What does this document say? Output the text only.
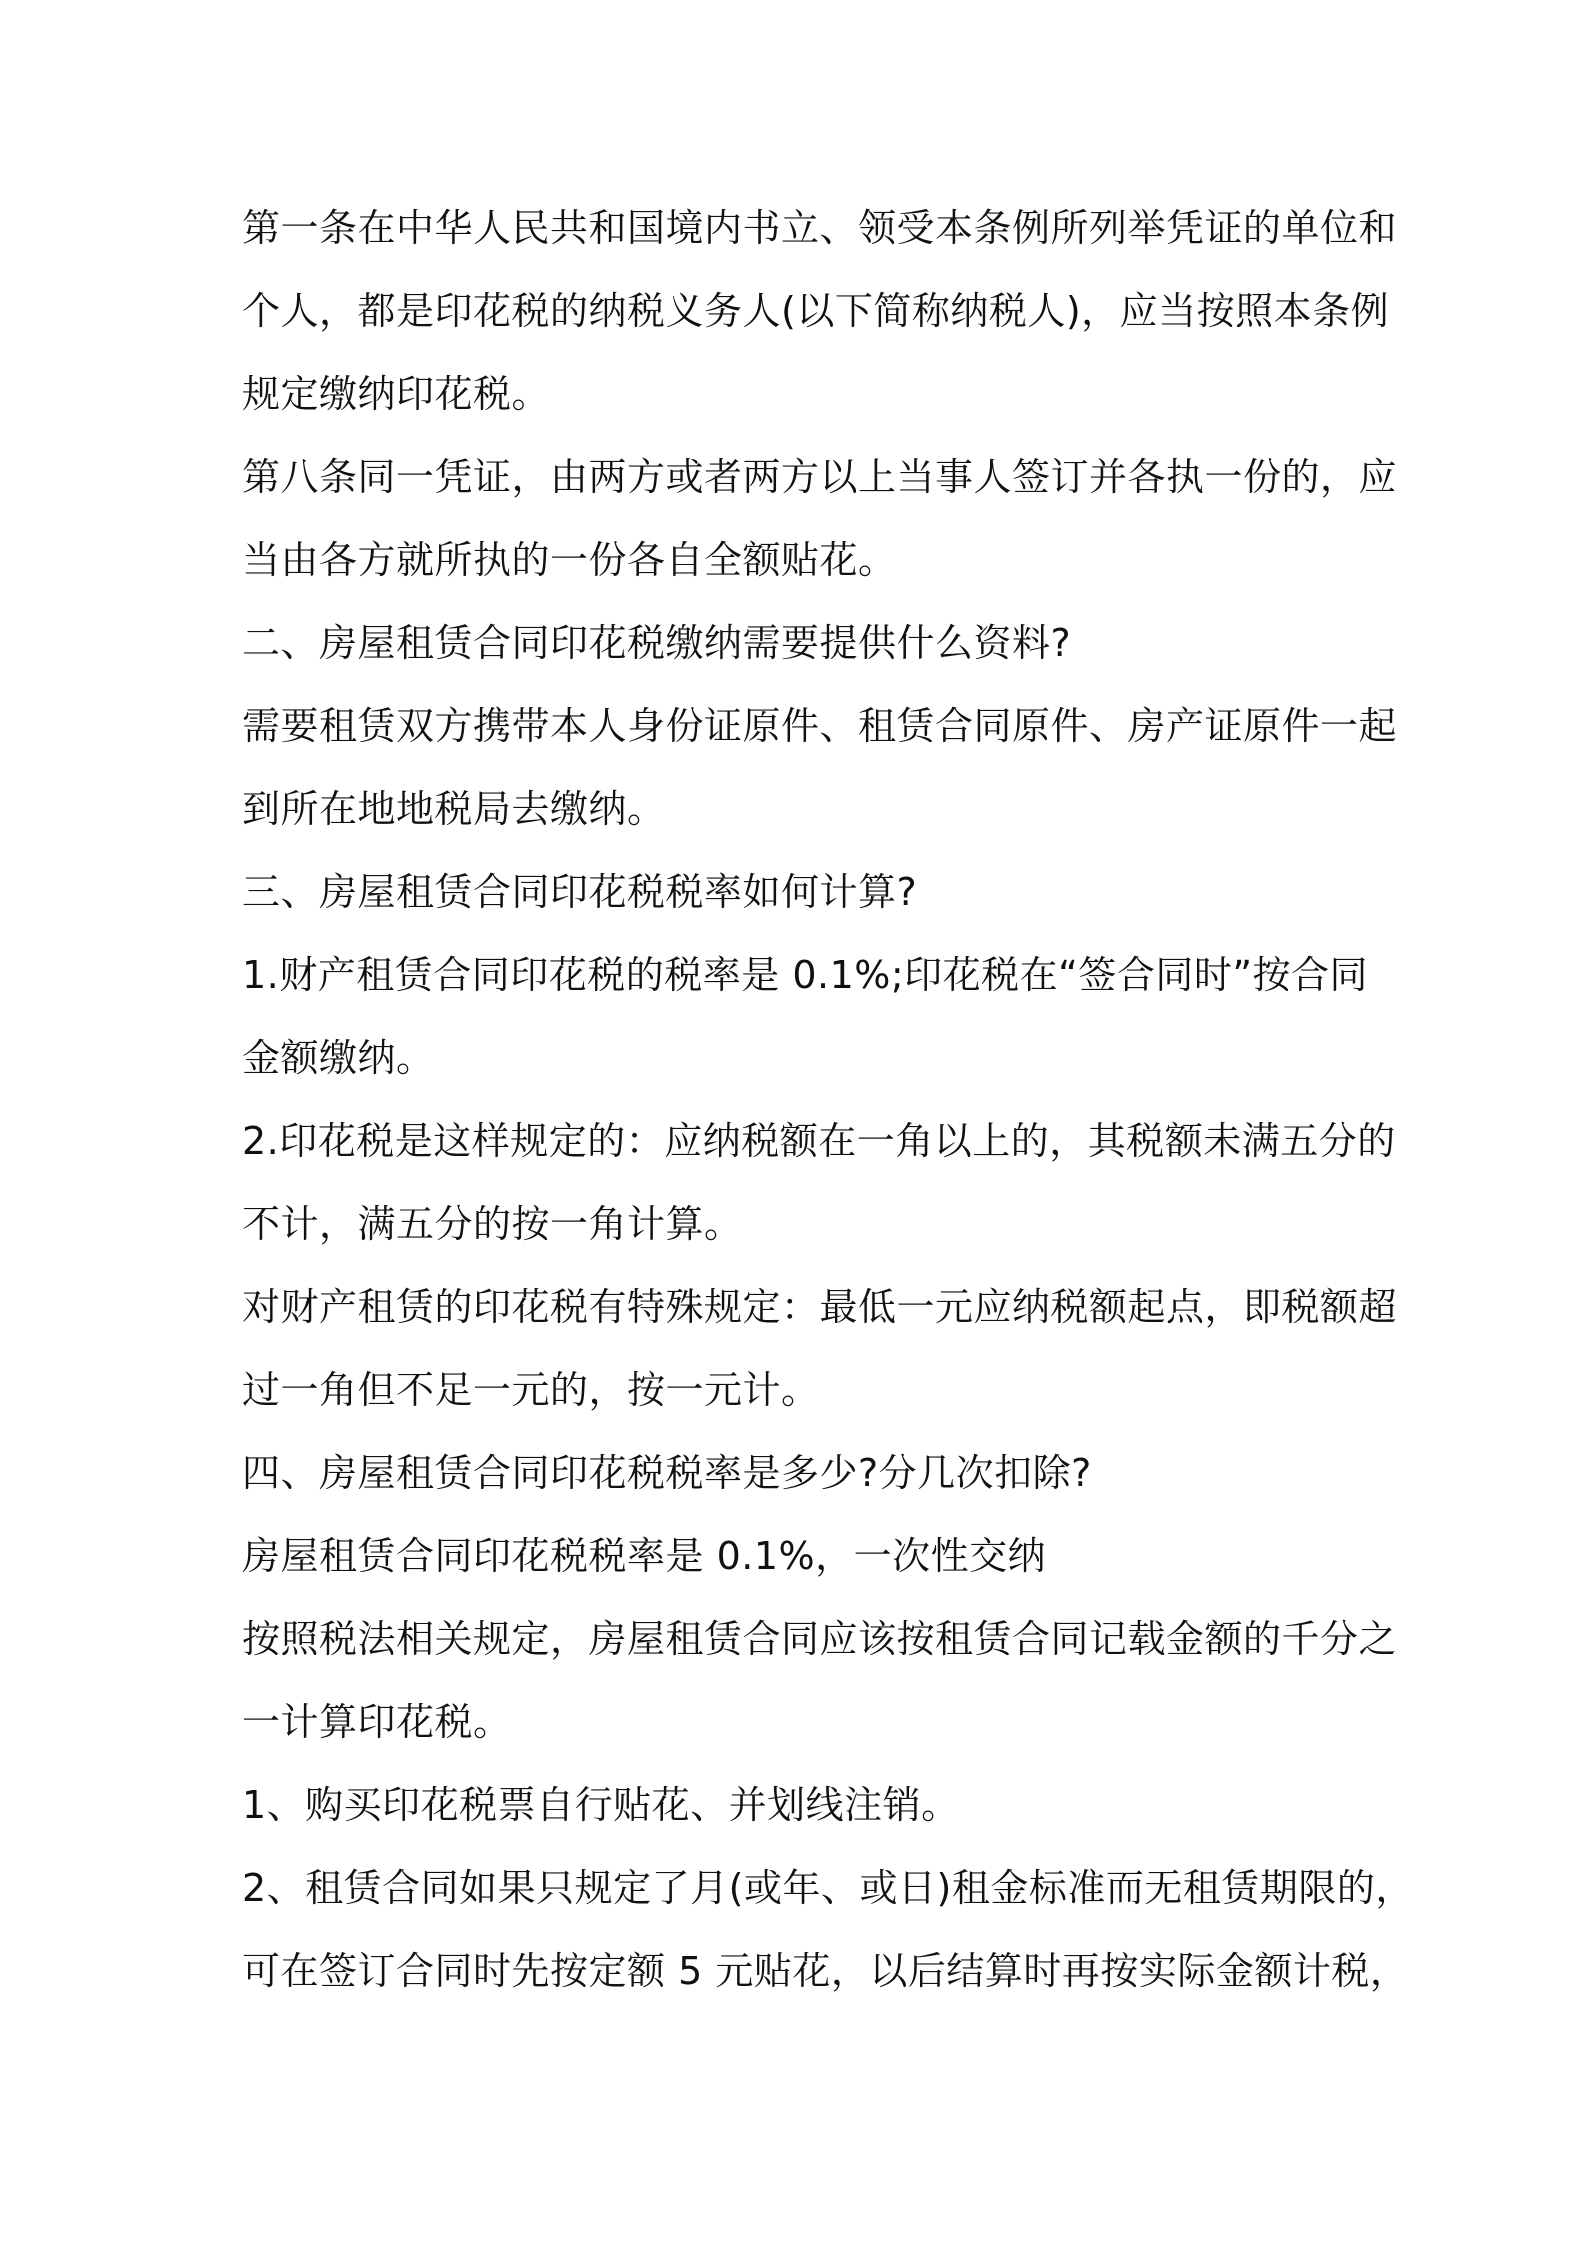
第一条在中华人民共和国境内书立、领受本条例所列举凭证的单位和
个人，都是印花税的纳税义务人(以下简称纳税人)，应当按照本条例
规定缴纳印花税。
第八条同一凭证，由两方或者两方以上当事人签订并各执一份的，应
当由各方就所执的一份各自全额贴花。
二、房屋租赁合同印花税缴纳需要提供什么资料?
需要租赁双方携带本人身份证原件、租赁合同原件、房产证原件一起
到所在地地税局去缴纳。
三、房屋租赁合同印花税税率如何计算?
1.财产租赁合同印花税的税率是 0.1%;印花税在“签合同时”按合同
金额缴纳。
2.印花税是这样规定的：应纳税额在一角以上的，其税额未满五分的
不计，满五分的按一角计算。
对财产租赁的印花税有特殊规定：最低一元应纳税额起点，即税额超
过一角但不足一元的，按一元计。
四、房屋租赁合同印花税税率是多少?分几次扣除?
房屋租赁合同印花税税率是 0.1%，一次性交纳
按照税法相关规定，房屋租赁合同应该按租赁合同记载金额的千分之
一计算印花税。
1、购买印花税票自行贴花、并划线注销。
2、租赁合同如果只规定了月(或年、或日)租金标准而无租赁期限的，
可在签订合同时先按定额 5 元贴花，以后结算时再按实际金额计税，
